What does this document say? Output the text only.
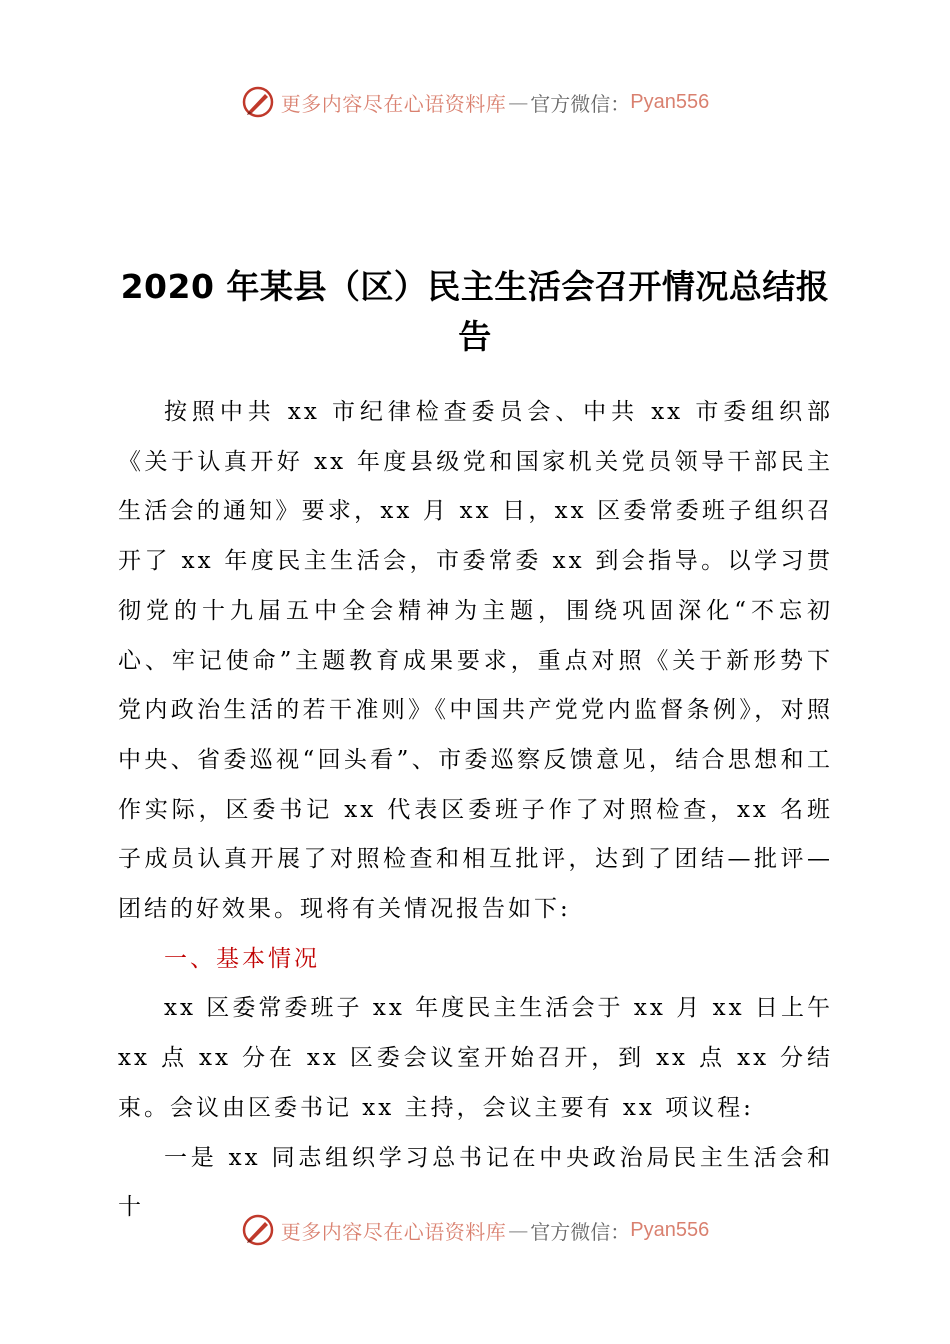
更多内容尽在心语资料库 — 官方微信： Pyan556
2020 年某县（区）民主生活会召开情况总结报
告

按照中共 xx 市纪律检查委员会、中共 xx 市委组织部《关于认真开好 xx 年度县级党和国家机关党员领导干部民主生活会的通知》要求，xx 月 xx 日，xx 区委常委班子组织召开了 xx 年度民主生活会，市委常委 xx 到会指导。以学习贯彻党的十九届五中全会精神为主题，围绕巩固深化“不忘初心、牢记使命”主题教育成果要求，重点对照《关于新形势下党内政治生活的若干准则》《中国共产党党内监督条例》，对照中央、省委巡视“回头看”、市委巡察反馈意见，结合思想和工作实际，区委书记 xx 代表区委班子作了对照检查，xx 名班子成员认真开展了对照检查和相互批评，达到了团结—批评—团结的好效果。现将有关情况报告如下:

一、基本情况

xx 区委常委班子 xx 年度民主生活会于 xx 月 xx 日上午 xx 点 xx 分在 xx 区委会议室开始召开，到 xx 点 xx 分结束。会议由区委书记 xx 主持，会议主要有 xx 项议程:

一是 xx 同志组织学习总书记在中央政治局民主生活会和十

更多内容尽在心语资料库 — 官方微信： Pyan556
